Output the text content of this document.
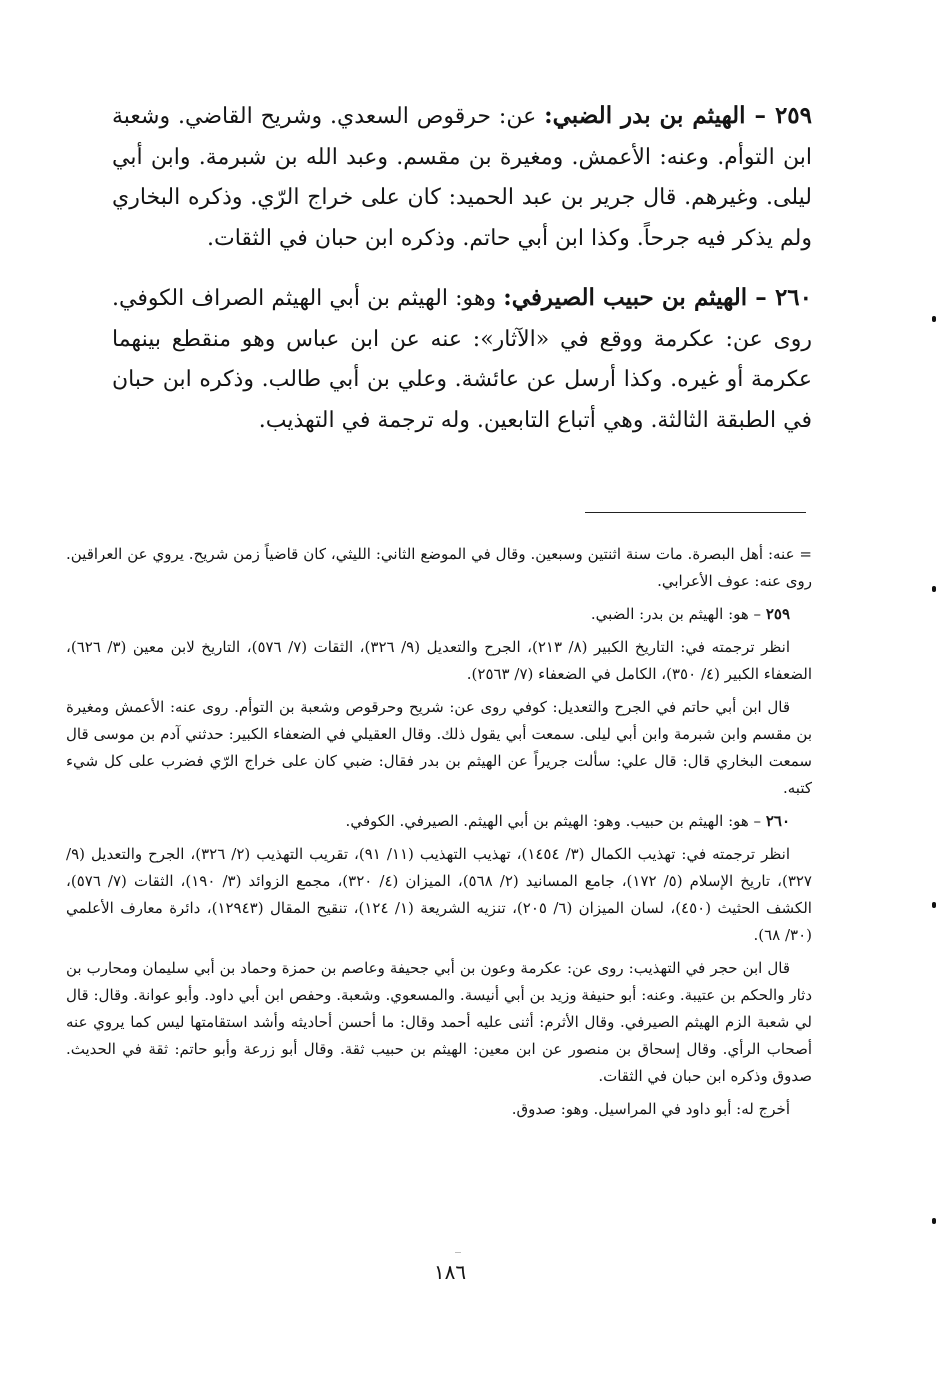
٢٥٩ – الهيثم بن بدر الضبي: عن: حرقوص السعدي. وشريح القاضي. وشعبة ابن التوأم. وعنه: الأعمش. ومغيرة بن مقسم. وعبد الله بن شبرمة. وابن أبي ليلى. وغيرهم. قال جرير بن عبد الحميد: كان على خراج الرّي. وذكره البخاري ولم يذكر فيه جرحاً. وكذا ابن أبي حاتم. وذكره ابن حبان في الثقات.

٢٦٠ – الهيثم بن حبيب الصيرفي: وهو: الهيثم بن أبي الهيثم الصراف الكوفي. روى عن: عكرمة ووقع في «الآثار»: عنه عن ابن عباس وهو منقطع بينهما عكرمة أو غيره. وكذا أرسل عن عائشة. وعلي بن أبي طالب. وذكره ابن حبان في الطبقة الثالثة. وهي أتباع التابعين. وله ترجمة في التهذيب.

= عنه: أهل البصرة. مات سنة اثنتين وسبعين. وقال في الموضع الثاني: الليثي، كان قاضياً زمن شريح. يروي عن العراقين. روى عنه: عوف الأعرابي.

٢٥٩ – هو: الهيثم بن بدر: الضبي.

انظر ترجمته في: التاريخ الكبير (٨/ ٢١٣)، الجرح والتعديل (٩/ ٣٢٦)، الثقات (٧/ ٥٧٦)، التاريخ لابن معين (٣/ ٦٢٦)، الضعفاء الكبير (٤/ ٣٥٠)، الكامل في الضعفاء (٧/ ٢٥٦٣).

قال ابن أبي حاتم في الجرح والتعديل: كوفي روى عن: شريح وحرقوص وشعبة بن التوأم. روى عنه: الأعمش ومغيرة بن مقسم وابن شبرمة وابن أبي ليلى. سمعت أبي يقول ذلك. وقال العقيلي في الضعفاء الكبير: حدثني آدم بن موسى قال سمعت البخاري قال: قال علي: سألت جريراً عن الهيثم بن بدر فقال: ضبي كان على خراج الرّي فضرب على كل شيء كتبه.

٢٦٠ – هو: الهيثم بن حبيب. وهو: الهيثم بن أبي الهيثم. الصيرفي. الكوفي.

انظر ترجمته في: تهذيب الكمال (٣/ ١٤٥٤)، تهذيب التهذيب (١١/ ٩١)، تقريب التهذيب (٢/ ٣٢٦)، الجرح والتعديل (٩/ ٣٢٧)، تاريخ الإسلام (٥/ ١٧٢)، جامع المسانيد (٢/ ٥٦٨)، الميزان (٤/ ٣٢٠)، مجمع الزوائد (٣/ ١٩٠)، الثقات (٧/ ٥٧٦)، الكشف الحثيث (٤٥٠)، لسان الميزان (٦/ ٢٠٥)، تنزيه الشريعة (١/ ١٢٤)، تنقيح المقال (١٢٩٤٣)، دائرة معارف الأعلمي (٣٠/ ٦٨).

قال ابن حجر في التهذيب: روى عن: عكرمة وعون بن أبي جحيفة وعاصم بن حمزة وحماد بن أبي سليمان ومحارب بن دثار والحكم بن عتيبة. وعنه: أبو حنيفة وزيد بن أبي أنيسة. والمسعوي. وشعبة. وحفص ابن أبي داود. وأبو عوانة. وقال: قال لي شعبة الزم الهيثم الصيرفي. وقال الأثرم: أثنى عليه أحمد وقال: ما أحسن أحاديثه وأشد استقامتها ليس كما يروي عنه أصحاب الرأي. وقال إسحاق بن منصور عن ابن معين: الهيثم بن حبيب ثقة. وقال أبو زرعة وأبو حاتم: ثقة في الحديث. صدوق وذكره ابن حبان في الثقات.

أخرج له: أبو داود في المراسيل. وهو: صدوق.

١٨٦
